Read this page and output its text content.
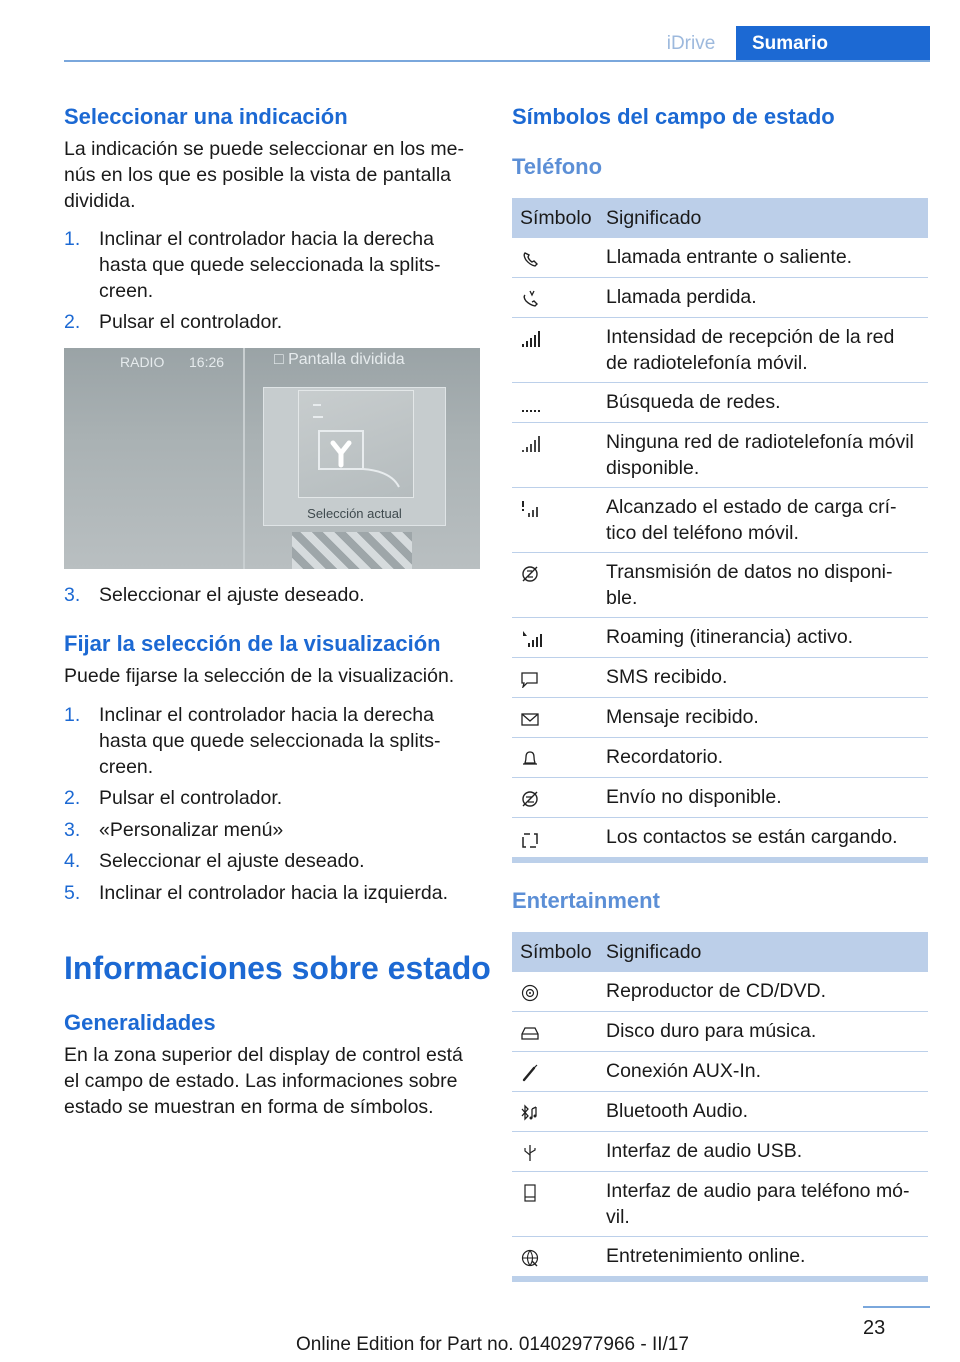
iDrive	Sumario
Seleccionar una indicación
La indicación se puede seleccionar en los me‐
nús en los que es posible la vista de pantalla
dividida.
1. Inclinar el controlador hacia la derecha
hasta que quede seleccionada la splits‐
creen.
2. Pulsar el controlador.
RADIO 16:26	□ Pantalla dividida
Selección actual
3. Seleccionar el ajuste deseado.
Fijar la selección de la visualización
Puede fijarse la selección de la visualización.
1. Inclinar el controlador hacia la derecha
hasta que quede seleccionada la splits‐
creen.
2. Pulsar el controlador.
3. «Personalizar menú»
4. Seleccionar el ajuste deseado.
5. Inclinar el controlador hacia la izquierda.
Informaciones sobre estado
Generalidades
En la zona superior del display de control está
el campo de estado. Las informaciones sobre
estado se muestran en forma de símbolos.
Símbolos del campo de estado
Teléfono
Símbolo Significado
Llamada entrante o saliente.
Llamada perdida.
Intensidad de recepción de la red
de radiotelefonía móvil.
Búsqueda de redes.
Ninguna red de radiotelefonía móvil
disponible.
Alcanzado el estado de carga crí‐
tico del teléfono móvil.
Transmisión de datos no disponi‐
ble.
Roaming (itinerancia) activo.
SMS recibido.
Mensaje recibido.
Recordatorio.
Envío no disponible.
Los contactos se están cargando.
Entertainment
Símbolo Significado
Reproductor de CD/DVD.
Disco duro para música.
Conexión AUX-In.
Bluetooth Audio.
Interfaz de audio USB.
Interfaz de audio para teléfono mó‐
vil.
Entretenimiento online.
23
Online Edition for Part no. 01402977966 - II/17
